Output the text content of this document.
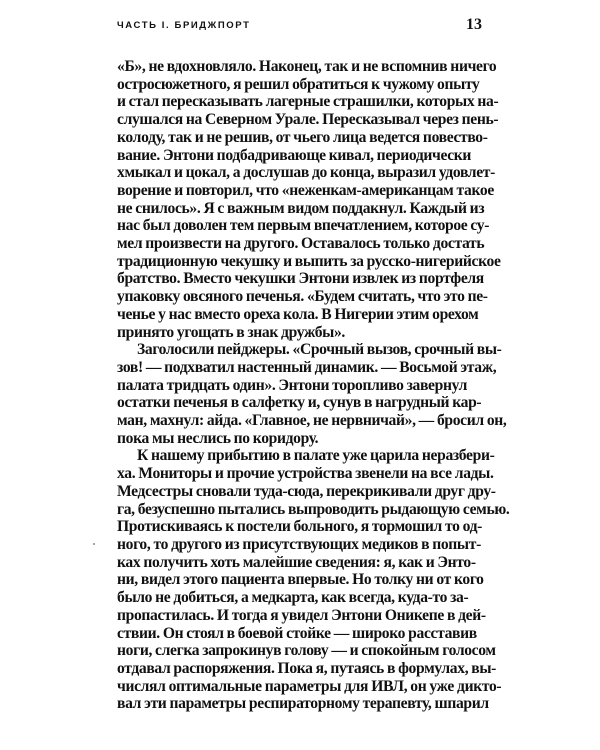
ЧАСТЬ I. БРИДЖПОРТ	13
«Б», не вдохновляло. Наконец, так и не вспомнив ничего
остросюжетного, я решил обратиться к чужому опыту
и стал пересказывать лагерные страшилки, которых на-
слушался на Северном Урале. Пересказывал через пень-
колоду, так и не решив, от чьего лица ведется повество-
вание. Энтони подбадривающе кивал, периодически
хмыкал и цокал, а дослушав до конца, выразил удовлет-
ворение и повторил, что «неженкам-американцам такое
не снилось». Я с важным видом поддакнул. Каждый из
нас был доволен тем первым впечатлением, которое су-
мел произвести на другого. Оставалось только достать
традиционную чекушку и выпить за русско-нигерийское
братство. Вместо чекушки Энтони извлек из портфеля
упаковку овсяного печенья. «Будем считать, что это пе-
ченье у нас вместо ореха кола. В Нигерии этим орехом
принято угощать в знак дружбы».
Заголосили пейджеры. «Срочный вызов, срочный вы-
зов! — подхватил настенный динамик. — Восьмой этаж,
палата тридцать один». Энтони торопливо завернул
остатки печенья в салфетку и, сунув в нагрудный кар-
ман, махнул: айда. «Главное, не нервничай», — бросил он,
пока мы неслись по коридору.
К нашему прибытию в палате уже царила неразбери-
ха. Мониторы и прочие устройства звенели на все лады.
Медсестры сновали туда-сюда, перекрикивали друг дру-
га, безуспешно пытались выпроводить рыдающую семью.
Протискиваясь к постели больного, я тормошил то од-
ного, то другого из присутствующих медиков в попыт-
ках получить хоть малейшие сведения: я, как и Энто-
ни, видел этого пациента впервые. Но толку ни от кого
было не добиться, а медкарта, как всегда, куда-то за-
пропастилась. И тогда я увидел Энтони Оникепе в дей-
ствии. Он стоял в боевой стойке — широко расставив
ноги, слегка запрокинув голову — и спокойным голосом
отдавал распоряжения. Пока я, путаясь в формулах, вы-
числял оптимальные параметры для ИВЛ, он уже дикто-
вал эти параметры респираторному терапевту, шпарил
